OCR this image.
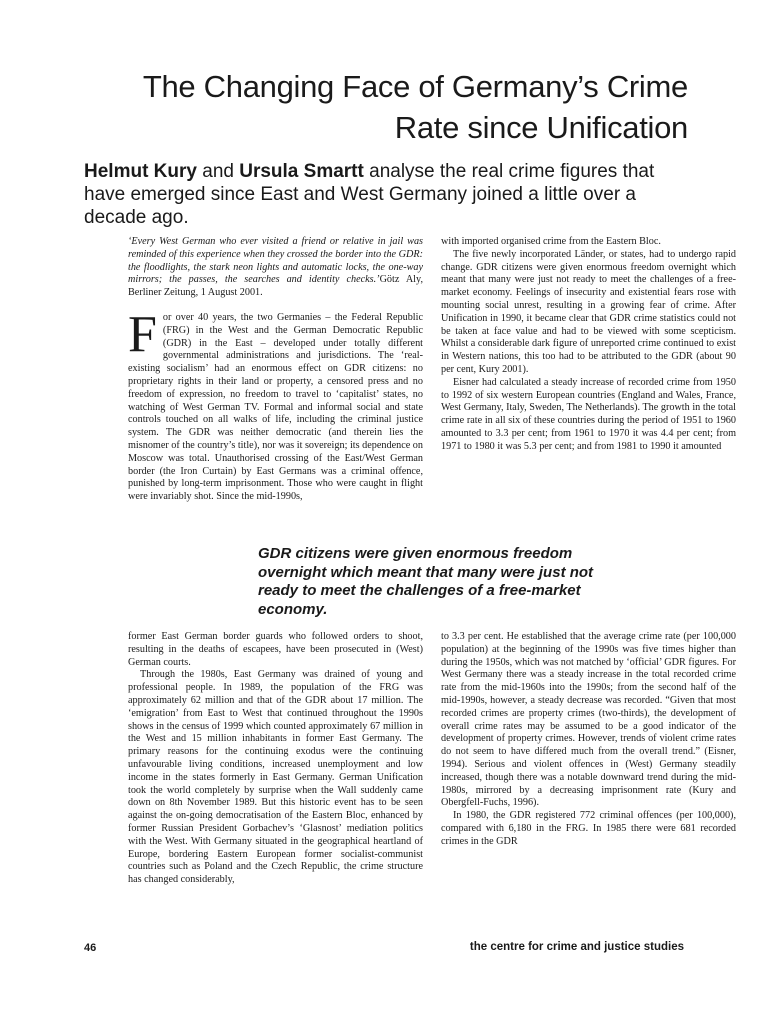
The Changing Face of Germany’s Crime
Rate since Unification

Helmut Kury and Ursula Smartt analyse the real crime figures that have emerged since East and West Germany joined a little over a decade ago.

‘Every West German who ever visited a friend or relative in jail was reminded of this experience when they crossed the border into the GDR: the floodlights, the stark neon lights and automatic locks, the one-way mirrors; the passes, the searches and identity checks.’Götz Aly, Berliner Zeitung, 1 August 2001.

For over 40 years, the two Germanies – the Federal Republic (FRG) in the West and the German Democratic Republic (GDR) in the East – developed under totally different governmental administrations and jurisdictions. The ‘real-existing socialism’ had an enormous effect on GDR citizens: no proprietary rights in their land or property, a censored press and no freedom of expression, no freedom to travel to ‘capitalist’ states, no watching of West German TV. Formal and informal social and state controls touched on all walks of life, including the criminal justice system. The GDR was neither democratic (and therein lies the misnomer of the country’s title), nor was it sovereign; its dependence on Moscow was total. Unauthorised crossing of the East/West German border (the Iron Curtain) by East Germans was a criminal offence, punished by long-term imprisonment. Those who were caught in flight were invariably shot. Since the mid-1990s,

with imported organised crime from the Eastern Bloc.

The five newly incorporated Länder, or states, had to undergo rapid change. GDR citizens were given enormous freedom overnight which meant that many were just not ready to meet the challenges of a free-market economy. Feelings of insecurity and existential fears rose with mounting social unrest, resulting in a growing fear of crime. After Unification in 1990, it became clear that GDR crime statistics could not be taken at face value and had to be viewed with some scepticism. Whilst a considerable dark figure of unreported crime continued to exist in Western nations, this too had to be attributed to the GDR (about 90 per cent, Kury 2001).

Eisner had calculated a steady increase of recorded crime from 1950 to 1992 of six western European countries (England and Wales, France, West Germany, Italy, Sweden, The Netherlands). The growth in the total crime rate in all six of these countries during the period of 1951 to 1960 amounted to 3.3 per cent; from 1961 to 1970 it was 4.4 per cent; from 1971 to 1980 it was 5.3 per cent; and from 1981 to 1990 it amounted

GDR citizens were given enormous freedom overnight which meant that many were just not ready to meet the challenges of a free-market economy.

former East German border guards who followed orders to shoot, resulting in the deaths of escapees, have been prosecuted in (West) German courts.

Through the 1980s, East Germany was drained of young and professional people. In 1989, the population of the FRG was approximately 62 million and that of the GDR about 17 million. The ‘emigration’ from East to West that continued throughout the 1990s shows in the census of 1999 which counted approximately 67 million in the West and 15 million inhabitants in former East Germany. The primary reasons for the continuing exodus were the continuing unfavourable living conditions, increased unemployment and low income in the states formerly in East Germany. German Unification took the world completely by surprise when the Wall suddenly came down on 8th November 1989. But this historic event has to be seen against the on-going democratisation of the Eastern Bloc, enhanced by former Russian President Gorbachev’s ‘Glasnost’ mediation politics with the West. With Germany situated in the geographical heartland of Europe, bordering Eastern European former socialist-communist countries such as Poland and the Czech Republic, the crime structure has changed considerably,

to 3.3 per cent. He established that the average crime rate (per 100,000 population) at the beginning of the 1990s was five times higher than during the 1950s, which was not matched by ‘official’ GDR figures. For West Germany there was a steady increase in the total recorded crime rate from the mid-1960s into the 1990s; from the second half of the mid-1990s, however, a steady decrease was recorded. “Given that most recorded crimes are property crimes (two-thirds), the development of overall crime rates may be assumed to be a good indicator of the development of property crimes. However, trends of violent crime rates do not seem to have differed much from the overall trend.” (Eisner, 1994). Serious and violent offences in (West) Germany steadily increased, though there was a notable downward trend during the mid-1980s, mirrored by a decreasing imprisonment rate (Kury and Obergfell-Fuchs, 1996).

In 1980, the GDR registered 772 criminal offences (per 100,000), compared with 6,180 in the FRG. In 1985 there were 681 recorded crimes in the GDR

46	the centre for crime and justice studies
